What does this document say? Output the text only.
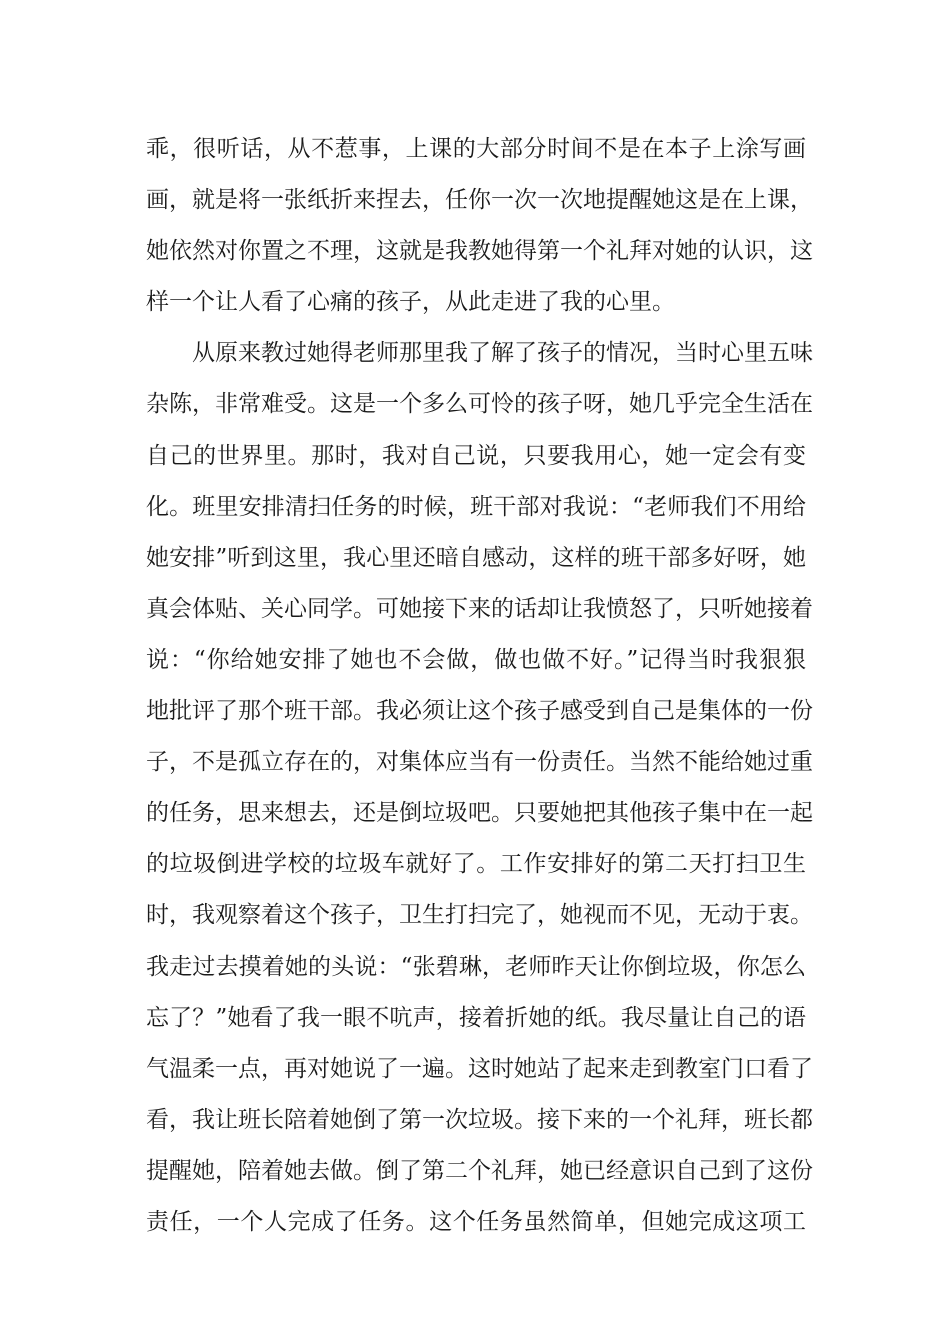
乖，很听话，从不惹事，上课的大部分时间不是在本子上涂写画
画，就是将一张纸折来捏去，任你一次一次地提醒她这是在上课，
她依然对你置之不理，这就是我教她得第一个礼拜对她的认识，这
样一个让人看了心痛的孩子，从此走进了我的心里。
从原来教过她得老师那里我了解了孩子的情况，当时心里五味
杂陈，非常难受。这是一个多么可怜的孩子呀，她几乎完全生活在
自己的世界里。那时，我对自己说，只要我用心，她一定会有变
化。班里安排清扫任务的时候，班干部对我说：“老师我们不用给
她安排”听到这里，我心里还暗自感动，这样的班干部多好呀，她
真会体贴、关心同学。可她接下来的话却让我愤怒了，只听她接着
说：“你给她安排了她也不会做，做也做不好。”记得当时我狠狠
地批评了那个班干部。我必须让这个孩子感受到自己是集体的一份
子，不是孤立存在的，对集体应当有一份责任。当然不能给她过重
的任务，思来想去，还是倒垃圾吧。只要她把其他孩子集中在一起
的垃圾倒进学校的垃圾车就好了。工作安排好的第二天打扫卫生
时，我观察着这个孩子，卫生打扫完了，她视而不见，无动于衷。
我走过去摸着她的头说：“张碧琳，老师昨天让你倒垃圾，你怎么
忘了？”她看了我一眼不吭声，接着折她的纸。我尽量让自己的语
气温柔一点，再对她说了一遍。这时她站了起来走到教室门口看了
看，我让班长陪着她倒了第一次垃圾。接下来的一个礼拜，班长都
提醒她，陪着她去做。倒了第二个礼拜，她已经意识自己到了这份
责任，一个人完成了任务。这个任务虽然简单，但她完成这项工
